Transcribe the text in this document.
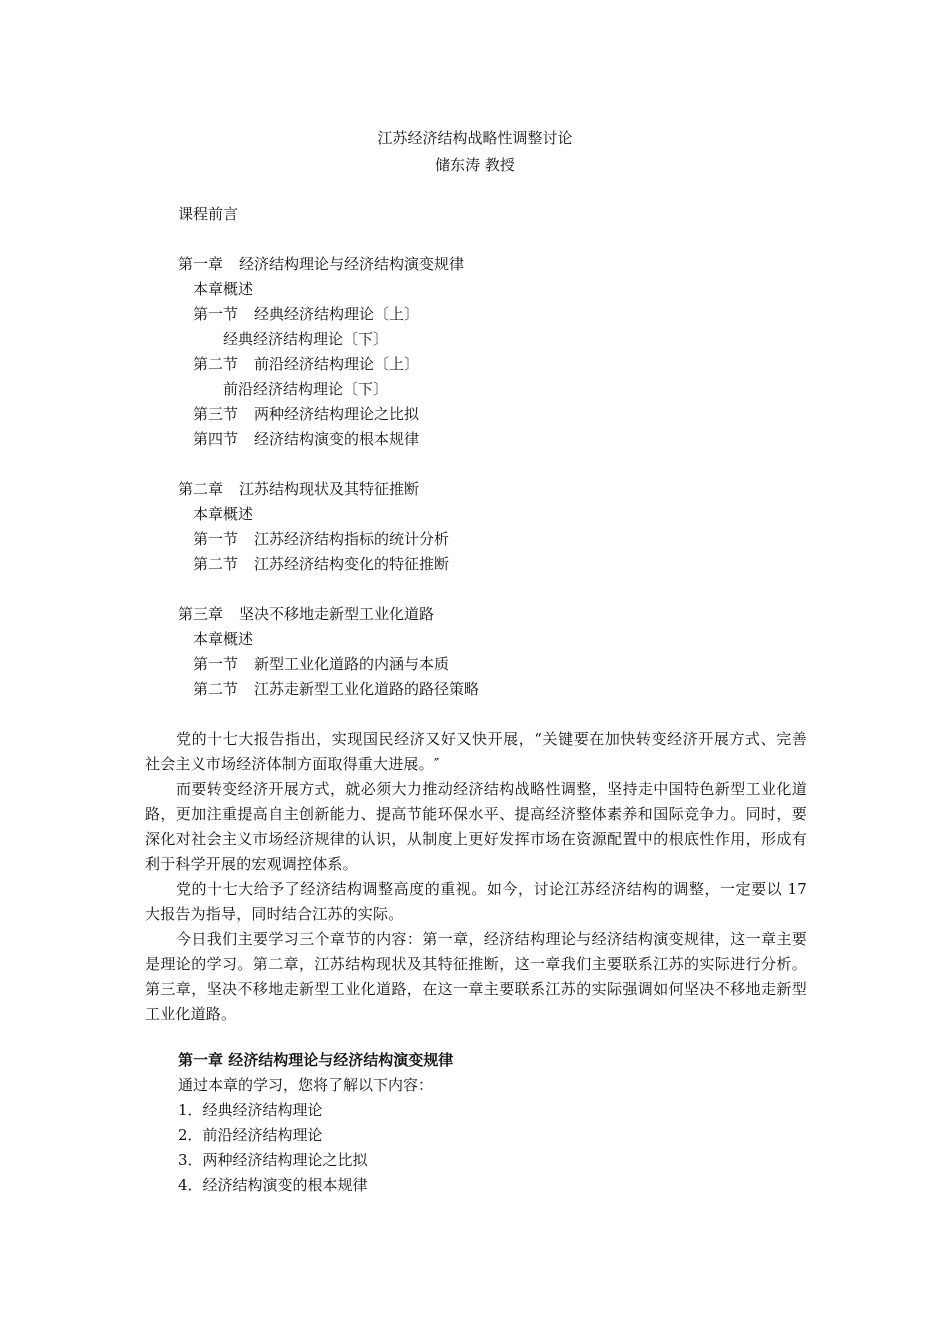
江苏经济结构战略性调整讨论
储东涛 教授
课程前言
第一章 经济结构理论与经济结构演变规律
本章概述
第一节 经典经济结构理论〔上〕
经典经济结构理论〔下〕
第二节 前沿经济结构理论〔上〕
前沿经济结构理论〔下〕
第三节 两种经济结构理论之比拟
第四节 经济结构演变的根本规律
第二章 江苏结构现状及其特征推断
本章概述
第一节 江苏经济结构指标的统计分析
第二节 江苏经济结构变化的特征推断
第三章 坚决不移地走新型工业化道路
本章概述
第一节 新型工业化道路的内涵与本质
第二节 江苏走新型工业化道路的路径策略

党的十七大报告指出，实现国民经济又好又快开展，“关键要在加快转变经济开展方式、完善社会主义市场经济体制方面取得重大进展。″

而要转变经济开展方式，就必须大力推动经济结构战略性调整，坚持走中国特色新型工业化道路，更加注重提高自主创新能力、提高节能环保水平、提高经济整体素养和国际竞争力。同时，要深化对社会主义市场经济规律的认识，从制度上更好发挥市场在资源配置中的根底性作用，形成有利于科学开展的宏观调控体系。

党的十七大给予了经济结构调整高度的重视。如今，讨论江苏经济结构的调整，一定要以 17 大报告为指导，同时结合江苏的实际。

今日我们主要学习三个章节的内容：第一章，经济结构理论与经济结构演变规律，这一章主要是理论的学习。第二章，江苏结构现状及其特征推断，这一章我们主要联系江苏的实际进行分析。第三章，坚决不移地走新型工业化道路，在这一章主要联系江苏的实际强调如何坚决不移地走新型工业化道路。

第一章 经济结构理论与经济结构演变规律
通过本章的学习，您将了解以下内容：
1．经典经济结构理论
2．前沿经济结构理论
3．两种经济结构理论之比拟
4．经济结构演变的根本规律
